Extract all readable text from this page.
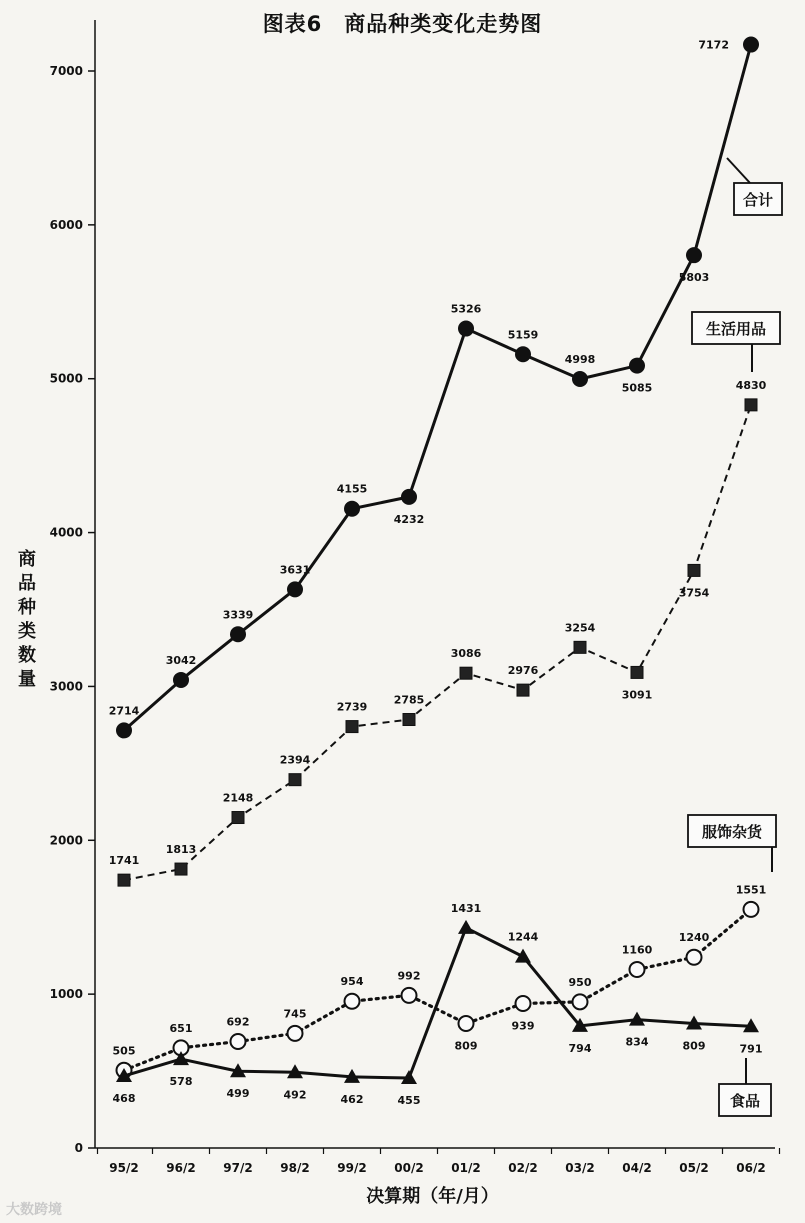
图表6　商品种类变化走势图
商品种类数量
决算期（年/月）
大数跨境
0
1000
2000
3000
4000
5000
6000
7000
95/2 96/2 97/2 98/2 99/2 00/2 01/2 02/2 03/2 04/2 05/2 06/2
2714
3042
3339
3631
4155
4232
5326
5159
4998
5085
5803
7172
1741
1813
2148
2394
2739
2785
3086
2976
3254
3091
3754
4830
505
651	692
745
954	992
809
939
950
1160
1240
1551
468
578
499	492	462	455
1431
1244
794	834	809	791
合计
生活用品
服饰杂货
食品
